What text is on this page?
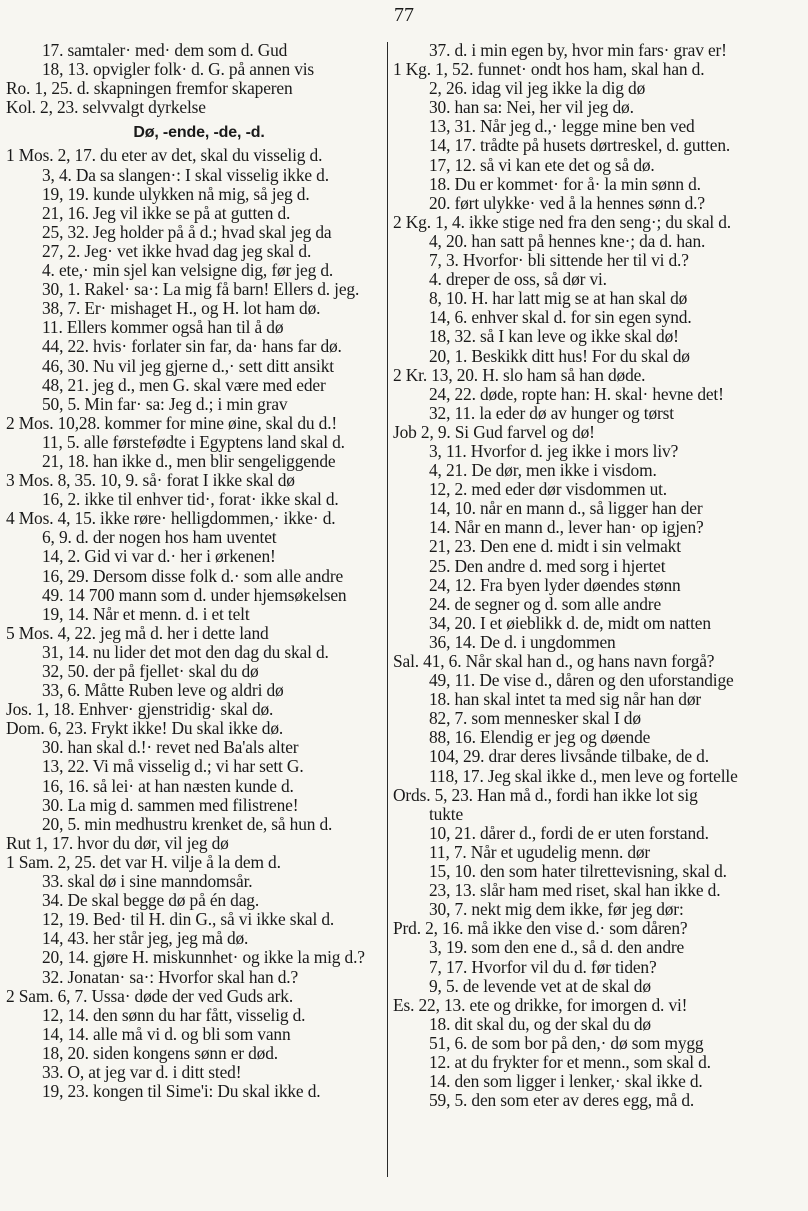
77
17. samtaler· med· dem som d. Gud
18, 13. opvigler folk· d. G. på annen vis
Ro. 1, 25. d. skapningen fremfor skaperen
Kol. 2, 23. selvvalgt dyrkelse
Dø, -ende, -de, -d.
1 Mos. 2, 17. du eter av det, skal du visselig d.
3, 4. Da sa slangen·: I skal visselig ikke d.
19, 19. kunde ulykken nå mig, så jeg d.
21, 16. Jeg vil ikke se på at gutten d.
25, 32. Jeg holder på å d.; hvad skal jeg da
27, 2. Jeg· vet ikke hvad dag jeg skal d.
4. ete,· min sjel kan velsigne dig, før jeg d.
30, 1. Rakel· sa·: La mig få barn! Ellers d. jeg.
38, 7. Er· mishaget H., og H. lot ham dø.
11. Ellers kommer også han til å dø
44, 22. hvis· forlater sin far, da· hans far dø.
46, 30. Nu vil jeg gjerne d.,· sett ditt ansikt
48, 21. jeg d., men G. skal være med eder
50, 5. Min far· sa: Jeg d.; i min grav
2 Mos. 10,28. kommer for mine øine, skal du d.!
11, 5. alle førstefødte i Egyptens land skal d.
21, 18. han ikke d., men blir sengeliggende
3 Mos. 8, 35. 10, 9. så· forat I ikke skal dø
16, 2. ikke til enhver tid·, forat· ikke skal d.
4 Mos. 4, 15. ikke røre· helligdommen,· ikke· d.
6, 9. d. der nogen hos ham uventet
14, 2. Gid vi var d.· her i ørkenen!
16, 29. Dersom disse folk d.· som alle andre
49. 14 700 mann som d. under hjemsøkelsen
19, 14. Når et menn. d. i et telt
5 Mos. 4, 22. jeg må d. her i dette land
31, 14. nu lider det mot den dag du skal d.
32, 50. der på fjellet· skal du dø
33, 6. Måtte Ruben leve og aldri dø
Jos. 1, 18. Enhver· gjenstridig· skal dø.
Dom. 6, 23. Frykt ikke! Du skal ikke dø.
30. han skal d.!· revet ned Ba'als alter
13, 22. Vi må visselig d.; vi har sett G.
16, 16. så lei· at han næsten kunde d.
30. La mig d. sammen med filistrene!
20, 5. min medhustru krenket de, så hun d.
Rut 1, 17. hvor du dør, vil jeg dø
1 Sam. 2, 25. det var H. vilje å la dem d.
33. skal dø i sine manndomsår.
34. De skal begge dø på én dag.
12, 19. Bed· til H. din G., så vi ikke skal d.
14, 43. her står jeg, jeg må dø.
20, 14. gjøre H. miskunnhet· og ikke la mig d.?
32. Jonatan· sa·: Hvorfor skal han d.?
2 Sam. 6, 7. Ussa· døde der ved Guds ark.
12, 14. den sønn du har fått, visselig d.
14, 14. alle må vi d. og bli som vann
18, 20. siden kongens sønn er død.
33. O, at jeg var d. i ditt sted!
19, 23. kongen til Sime'i: Du skal ikke d.
37. d. i min egen by, hvor min fars· grav er!
1 Kg. 1, 52. funnet· ondt hos ham, skal han d.
2, 26. idag vil jeg ikke la dig dø
30. han sa: Nei, her vil jeg dø.
13, 31. Når jeg d.,· legge mine ben ved
14, 17. trådte på husets dørtreskel, d. gutten.
17, 12. så vi kan ete det og så dø.
18. Du er kommet· for å· la min sønn d.
20. ført ulykke· ved å la hennes sønn d.?
2 Kg. 1, 4. ikke stige ned fra den seng·; du skal d.
4, 20. han satt på hennes kne·; da d. han.
7, 3. Hvorfor· bli sittende her til vi d.?
4. dreper de oss, så dør vi.
8, 10. H. har latt mig se at han skal dø
14, 6. enhver skal d. for sin egen synd.
18, 32. så I kan leve og ikke skal dø!
20, 1. Beskikk ditt hus! For du skal dø
2 Kr. 13, 20. H. slo ham så han døde.
24, 22. døde, ropte han: H. skal· hevne det!
32, 11. la eder dø av hunger og tørst
Job 2, 9. Si Gud farvel og dø!
3, 11. Hvorfor d. jeg ikke i mors liv?
4, 21. De dør, men ikke i visdom.
12, 2. med eder dør visdommen ut.
14, 10. når en mann d., så ligger han der
14. Når en mann d., lever han· op igjen?
21, 23. Den ene d. midt i sin velmakt
25. Den andre d. med sorg i hjertet
24, 12. Fra byen lyder døendes stønn
24. de segner og d. som alle andre
34, 20. I et øieblikk d. de, midt om natten
36, 14. De d. i ungdommen
Sal. 41, 6. Når skal han d., og hans navn forgå?
49, 11. De vise d., dåren og den uforstandige
18. han skal intet ta med sig når han dør
82, 7. som mennesker skal I dø
88, 16. Elendig er jeg og døende
104, 29. drar deres livsånde tilbake, de d.
118, 17. Jeg skal ikke d., men leve og fortelle
Ords. 5, 23. Han må d., fordi han ikke lot sig
tukte
10, 21. dårer d., fordi de er uten forstand.
11, 7. Når et ugudelig menn. dør
15, 10. den som hater tilrettevisning, skal d.
23, 13. slår ham med riset, skal han ikke d.
30, 7. nekt mig dem ikke, før jeg dør:
Prd. 2, 16. må ikke den vise d.· som dåren?
3, 19. som den ene d., så d. den andre
7, 17. Hvorfor vil du d. før tiden?
9, 5. de levende vet at de skal dø
Es. 22, 13. ete og drikke, for imorgen d. vi!
18. dit skal du, og der skal du dø
51, 6. de som bor på den,· dø som mygg
12. at du frykter for et menn., som skal d.
14. den som ligger i lenker,· skal ikke d.
59, 5. den som eter av deres egg, må d.
